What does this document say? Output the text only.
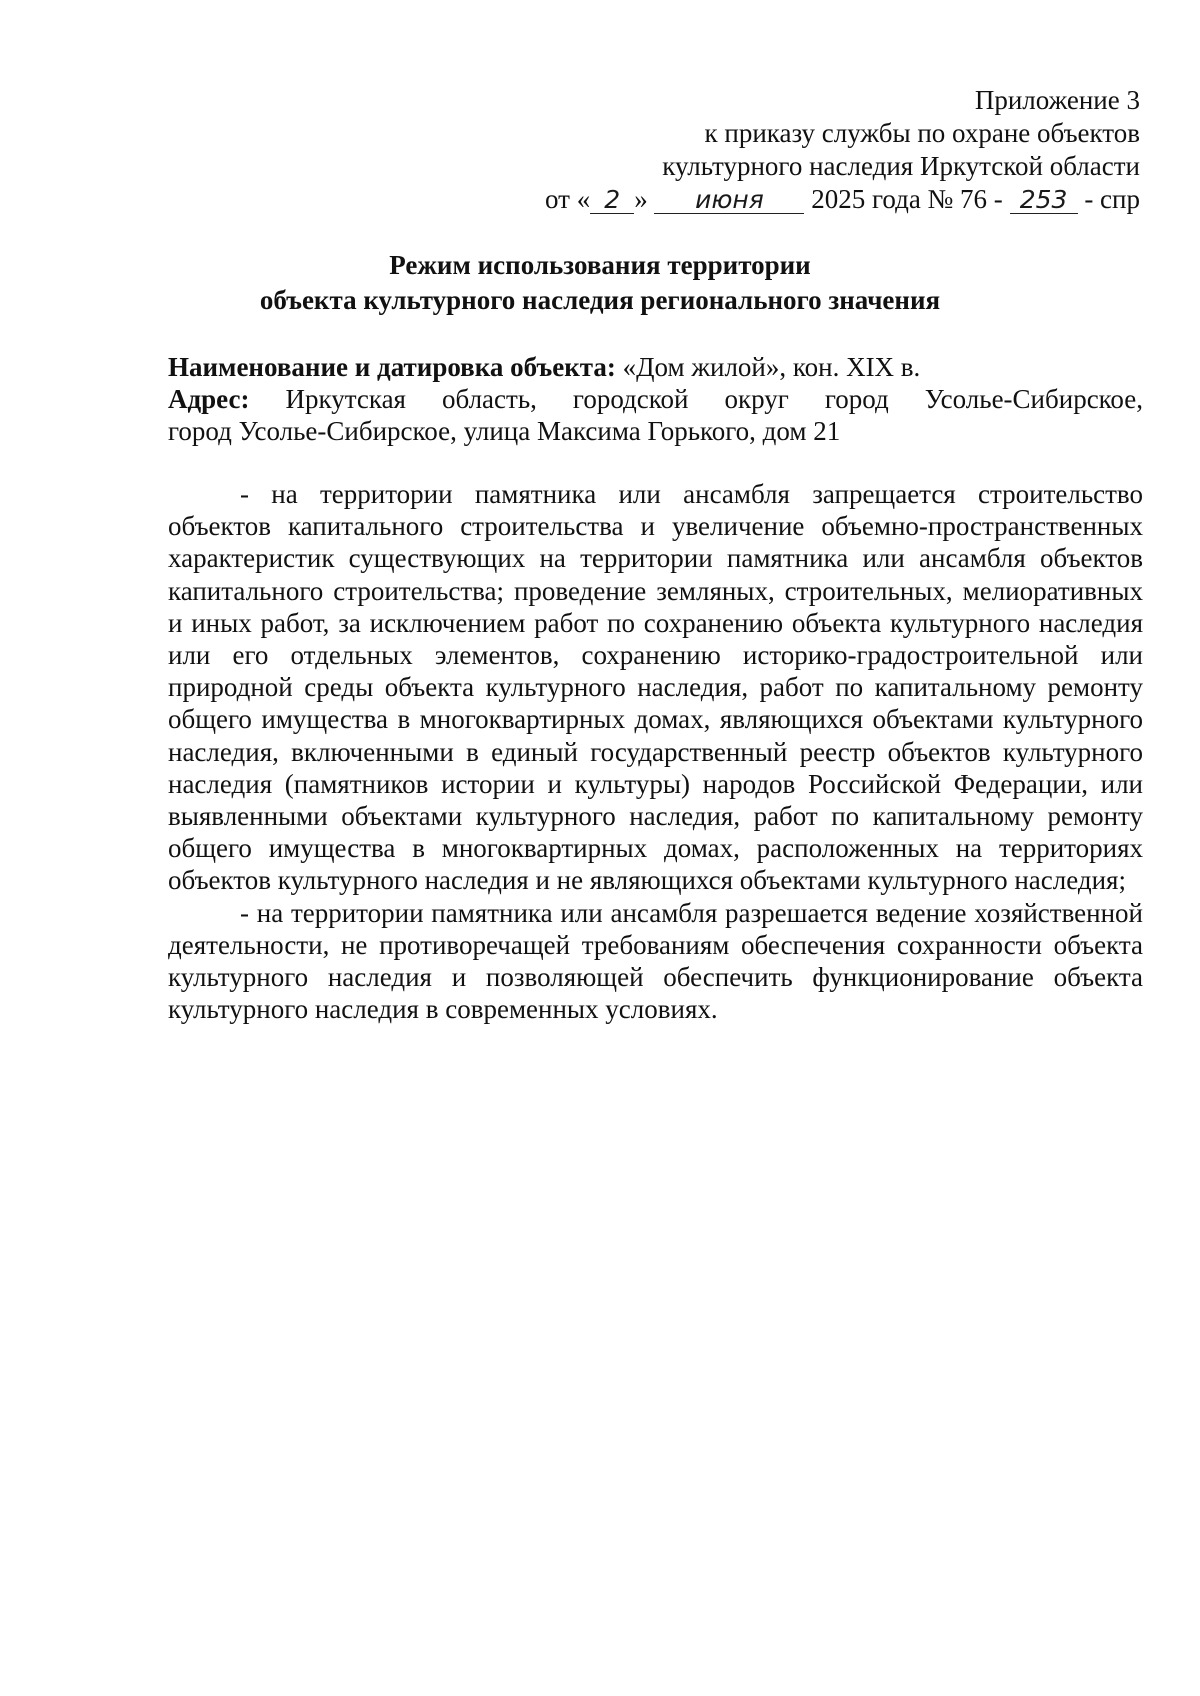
Приложение 3
к приказу службы по охране объектов
культурного наследия Иркутской области
от « 2 » июня 2025 года № 76 - 253 - спр
Режим использования территории
объекта культурного наследия регионального значения

Наименование и датировка объекта: «Дом жилой», кон. XIX в.

Адрес: Иркутская область, городской округ город Усолье-Сибирское,

город Усолье-Сибирское, улица Максима Горького, дом 21

- на территории памятника или ансамбля запрещается строительство объектов капитального строительства и увеличение объемно-пространственных характеристик существующих на территории памятника или ансамбля объектов капитального строительства; проведение земляных, строительных, мелиоративных и иных работ, за исключением работ по сохранению объекта культурного наследия или его отдельных элементов, сохранению историко-градостроительной или природной среды объекта культурного наследия, работ по капитальному ремонту общего имущества в многоквартирных домах, являющихся объектами культурного наследия, включенными в единый государственный реестр объектов культурного наследия (памятников истории и культуры) народов Российской Федерации, или выявленными объектами культурного наследия, работ по капитальному ремонту общего имущества в многоквартирных домах, расположенных на территориях объектов культурного наследия и не являющихся объектами культурного наследия;

- на территории памятника или ансамбля разрешается ведение хозяйственной деятельности, не противоречащей требованиям обеспечения сохранности объекта культурного наследия и позволяющей обеспечить функционирование объекта культурного наследия в современных условиях.
